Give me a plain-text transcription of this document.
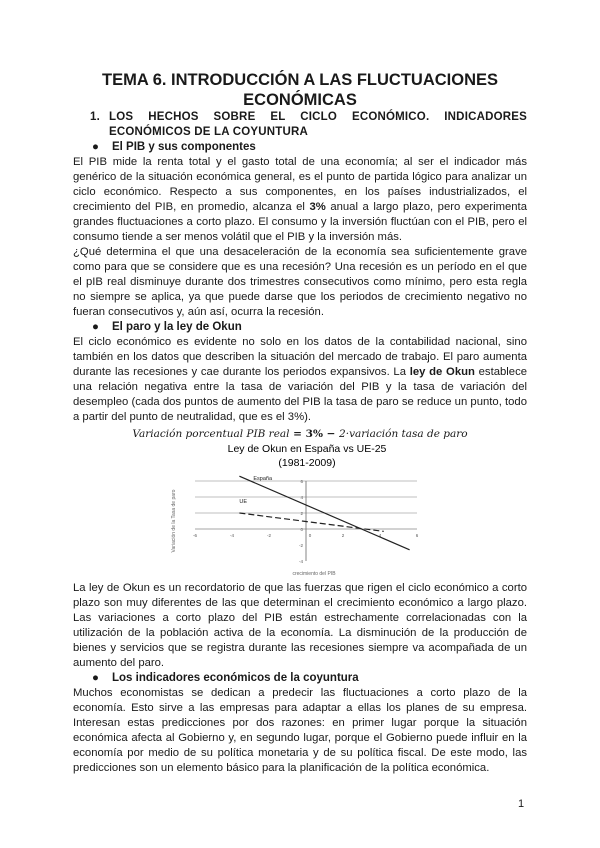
TEMA 6. INTRODUCCIÓN A LAS FLUCTUACIONES
ECONÓMICAS
1. LOS HECHOS SOBRE EL CICLO ECONÓMICO. INDICADORES ECONÓMICOS DE LA COYUNTURA
● El PIB y sus componentes
El PIB mide la renta total y el gasto total de una economía; al ser el indicador más genérico de la situación económica general, es el punto de partida lógico para analizar un ciclo económico. Respecto a sus componentes, en los países industrializados, el crecimiento del PIB, en promedio, alcanza el 3% anual a largo plazo, pero experimenta grandes fluctuaciones a corto plazo. El consumo y la inversión fluctúan con el PIB, pero el consumo tiende a ser menos volátil que el PIB y la inversión más.
¿Qué determina el que una desaceleración de la economía sea suficientemente grave como para que se considere que es una recesión? Una recesión es un período en el que el pIB real disminuye durante dos trimestres consecutivos como mínimo, pero esta regla no siempre se aplica, ya que puede darse que los periodos de crecimiento negativo no fueran consecutivos y, aún así, ocurra la recesión.
● El paro y la ley de Okun
El ciclo económico es evidente no solo en los datos de la contabilidad nacional, sino también en los datos que describen la situación del mercado de trabajo. El paro aumenta durante las recesiones y cae durante los periodos expansivos. La ley de Okun establece una relación negativa entre la tasa de variación del PIB y la tasa de variación del desempleo (cada dos puntos de aumento del PIB la tasa de paro se reduce un punto, todo a partir del punto de neutralidad, que es el 3%).
Variación porcentual PIB real = 3% − 2·variación tasa de paro
Ley de Okun en España vs UE-25
(1981-2009)
6
4
2
0
-2
-4
-6	-4	-2	0	2	4	6
crecimiento del PIB
Variación de la Tasa de paro
España
UE
La ley de Okun es un recordatorio de que las fuerzas que rigen el ciclo económico a corto plazo son muy diferentes de las que determinan el crecimiento económico a largo plazo. Las variaciones a corto plazo del PIB están estrechamente correlacionadas con la utilización de la población activa de la economía. La disminución de la producción de bienes y servicios que se registra durante las recesiones siempre va acompañada de un aumento del paro.
● Los indicadores económicos de la coyuntura
Muchos economistas se dedican a predecir las fluctuaciones a corto plazo de la economía. Esto sirve a las empresas para adaptar a ellas los planes de su empresa. Interesan estas predicciones por dos razones: en primer lugar porque la situación económica afecta al Gobierno y, en segundo lugar, porque el Gobierno puede influir en la economía por medio de su política monetaria y de su política fiscal. De este modo, las predicciones son un elemento básico para la planificación de la política económica.
1
